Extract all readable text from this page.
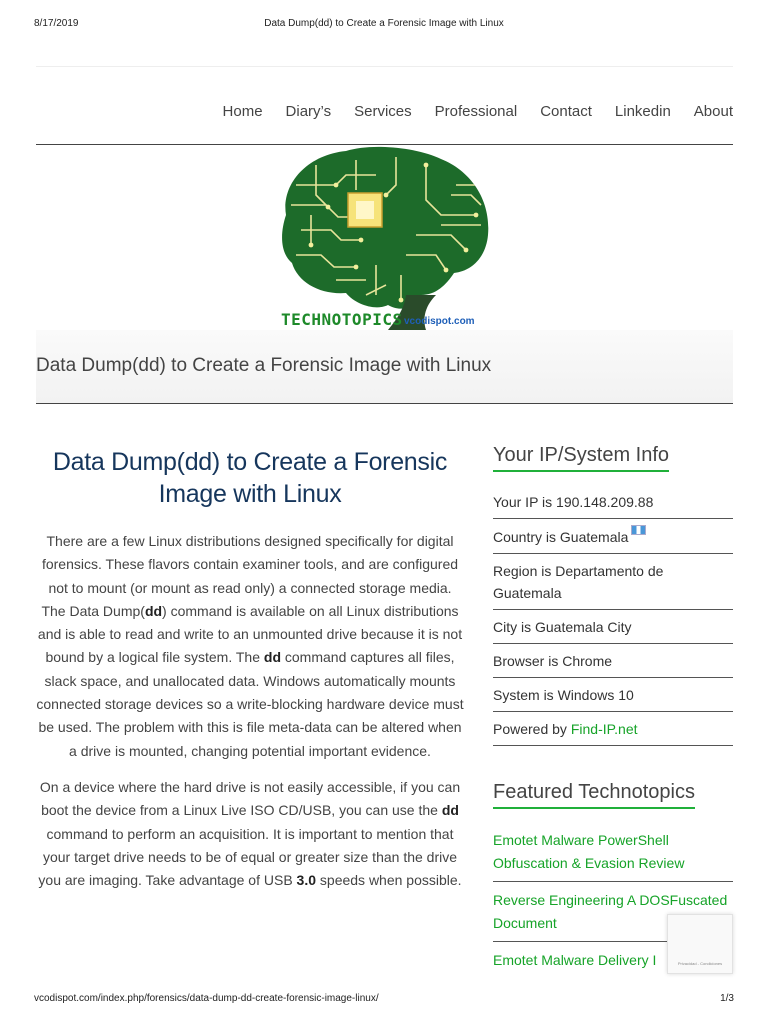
8/17/2019	Data Dump(dd) to Create a Forensic Image with Linux
Home Diary’s Services Professional Contact Linkedin About
TECHNOTOPICS vcodispot.com
Data Dump(dd) to Create a Forensic Image with Linux
Data Dump(dd) to Create a Forensic Image with Linux

There are a few Linux distributions designed specifically for digital forensics. These flavors contain examiner tools, and are configured not to mount (or mount as read only) a connected storage media. The Data Dump(dd) command is available on all Linux distributions and is able to read and write to an unmounted drive because it is not bound by a logical file system. The dd command captures all files, slack space, and unallocated data. Windows automatically mounts connected storage devices so a write-blocking hardware device must be used. The problem with this is file meta-data can be altered when a drive is mounted, changing potential important evidence.

On a device where the hard drive is not easily accessible, if you can boot the device from a Linux Live ISO CD/USB, you can use the dd command to perform an acquisition. It is important to mention that your target drive needs to be of equal or greater size than the drive you are imaging. Take advantage of USB 3.0 speeds when possible.

Your IP/System Info
Your IP is 190.148.209.88
Country is Guatemala
Region is Departamento de Guatemala
City is Guatemala City
Browser is Chrome
System is Windows 10
Powered by Find-IP.net
Featured Technotopics
Emotet Malware PowerShell Obfuscation & Evasion Review
Reverse Engineering A DOSFuscated Document
Emotet Malware Delivery I	Privacidad - Condiciones
vcodispot.com/index.php/forensics/data-dump-dd-create-forensic-image-linux/	1/3
